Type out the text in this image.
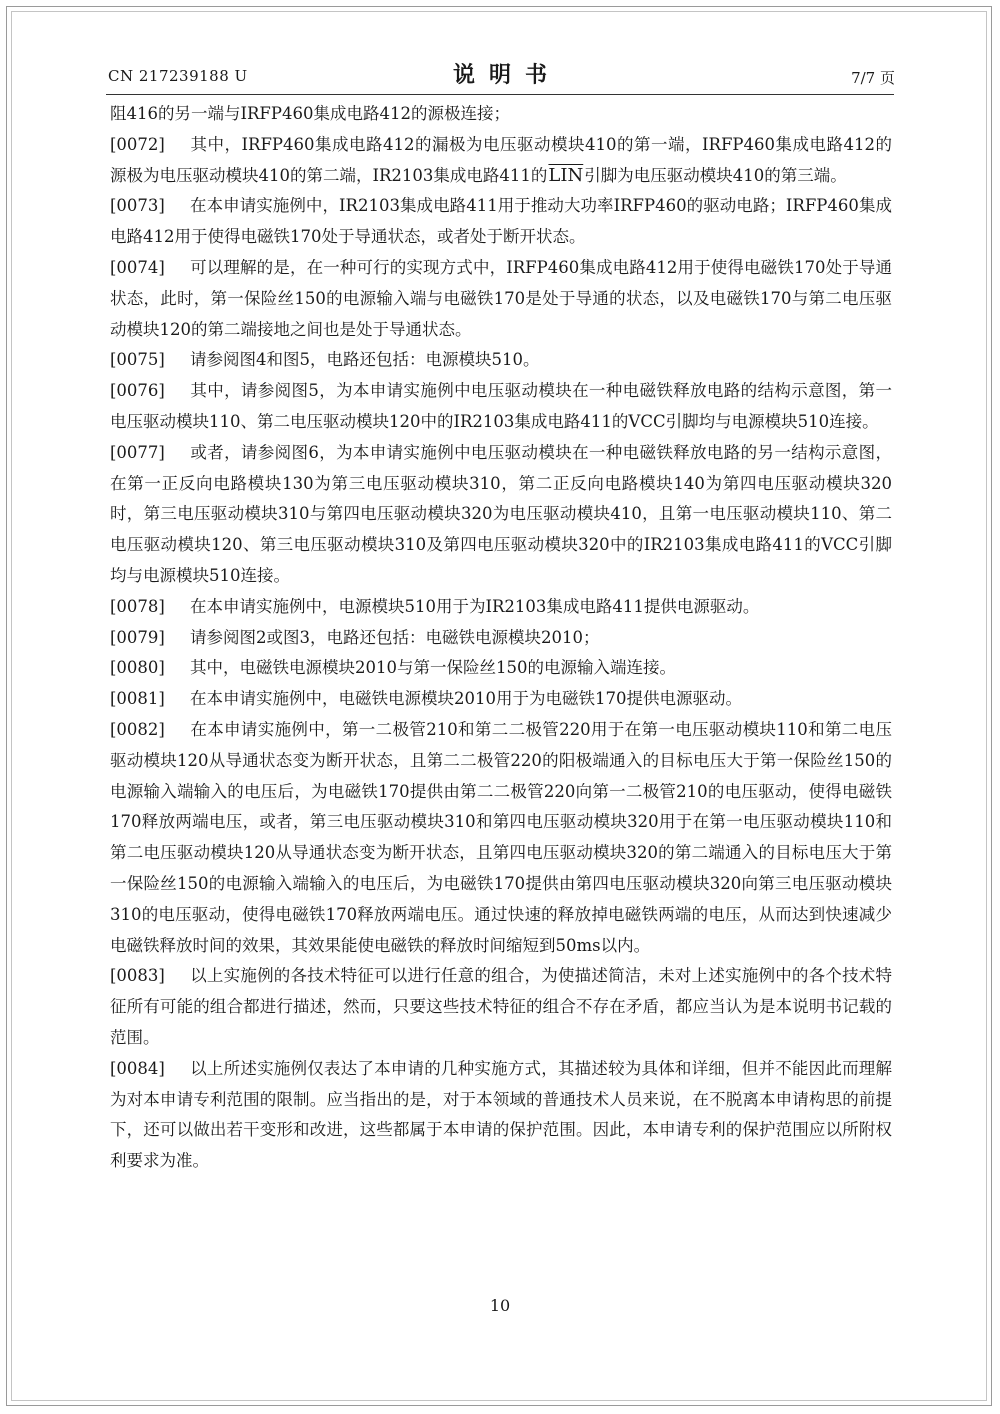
CN 217239188 U	说明书	7/7 页

阻416的另一端与IRFP460集成电路412的源极连接；

[0072] 其中，IRFP460集成电路412的漏极为电压驱动模块410的第一端，IRFP460集成电路412的源极为电压驱动模块410的第二端，IR2103集成电路411的$\overline{LIN}$引脚为电压驱动模块410的第三端。

[0073] 在本申请实施例中，IR2103集成电路411用于推动大功率IRFP460的驱动电路；IRFP460集成电路412用于使得电磁铁170处于导通状态，或者处于断开状态。

[0074] 可以理解的是，在一种可行的实现方式中，IRFP460集成电路412用于使得电磁铁170处于导通状态，此时，第一保险丝150的电源输入端与电磁铁170是处于导通的状态，以及电磁铁170与第二电压驱动模块120的第二端接地之间也是处于导通状态。

[0075] 请参阅图4和图5，电路还包括：电源模块510。

[0076] 其中，请参阅图5，为本申请实施例中电压驱动模块在一种电磁铁释放电路的结构示意图，第一电压驱动模块110、第二电压驱动模块120中的IR2103集成电路411的VCC引脚均与电源模块510连接。

[0077] 或者，请参阅图6，为本申请实施例中电压驱动模块在一种电磁铁释放电路的另一结构示意图，在第一正反向电路模块130为第三电压驱动模块310，第二正反向电路模块140为第四电压驱动模块320时，第三电压驱动模块310与第四电压驱动模块320为电压驱动模块410，且第一电压驱动模块110、第二电压驱动模块120、第三电压驱动模块310及第四电压驱动模块320中的IR2103集成电路411的VCC引脚均与电源模块510连接。

[0078] 在本申请实施例中，电源模块510用于为IR2103集成电路411提供电源驱动。

[0079] 请参阅图2或图3，电路还包括：电磁铁电源模块2010；

[0080] 其中，电磁铁电源模块2010与第一保险丝150的电源输入端连接。

[0081] 在本申请实施例中，电磁铁电源模块2010用于为电磁铁170提供电源驱动。

[0082] 在本申请实施例中，第一二极管210和第二二极管220用于在第一电压驱动模块110和第二电压驱动模块120从导通状态变为断开状态，且第二二极管220的阳极端通入的目标电压大于第一保险丝150的电源输入端输入的电压后，为电磁铁170提供由第二二极管220向第一二极管210的电压驱动，使得电磁铁170释放两端电压，或者，第三电压驱动模块310和第四电压驱动模块320用于在第一电压驱动模块110和第二电压驱动模块120从导通状态变为断开状态，且第四电压驱动模块320的第二端通入的目标电压大于第一保险丝150的电源输入端输入的电压后，为电磁铁170提供由第四电压驱动模块320向第三电压驱动模块310的电压驱动，使得电磁铁170释放两端电压。通过快速的释放掉电磁铁两端的电压，从而达到快速减少电磁铁释放时间的效果，其效果能使电磁铁的释放时间缩短到50ms以内。

[0083] 以上实施例的各技术特征可以进行任意的组合，为使描述简洁，未对上述实施例中的各个技术特征所有可能的组合都进行描述，然而，只要这些技术特征的组合不存在矛盾，都应当认为是本说明书记载的范围。

[0084] 以上所述实施例仅表达了本申请的几种实施方式，其描述较为具体和详细，但并不能因此而理解为对本申请专利范围的限制。应当指出的是，对于本领域的普通技术人员来说，在不脱离本申请构思的前提下，还可以做出若干变形和改进，这些都属于本申请的保护范围。因此，本申请专利的保护范围应以所附权利要求为准。

10
